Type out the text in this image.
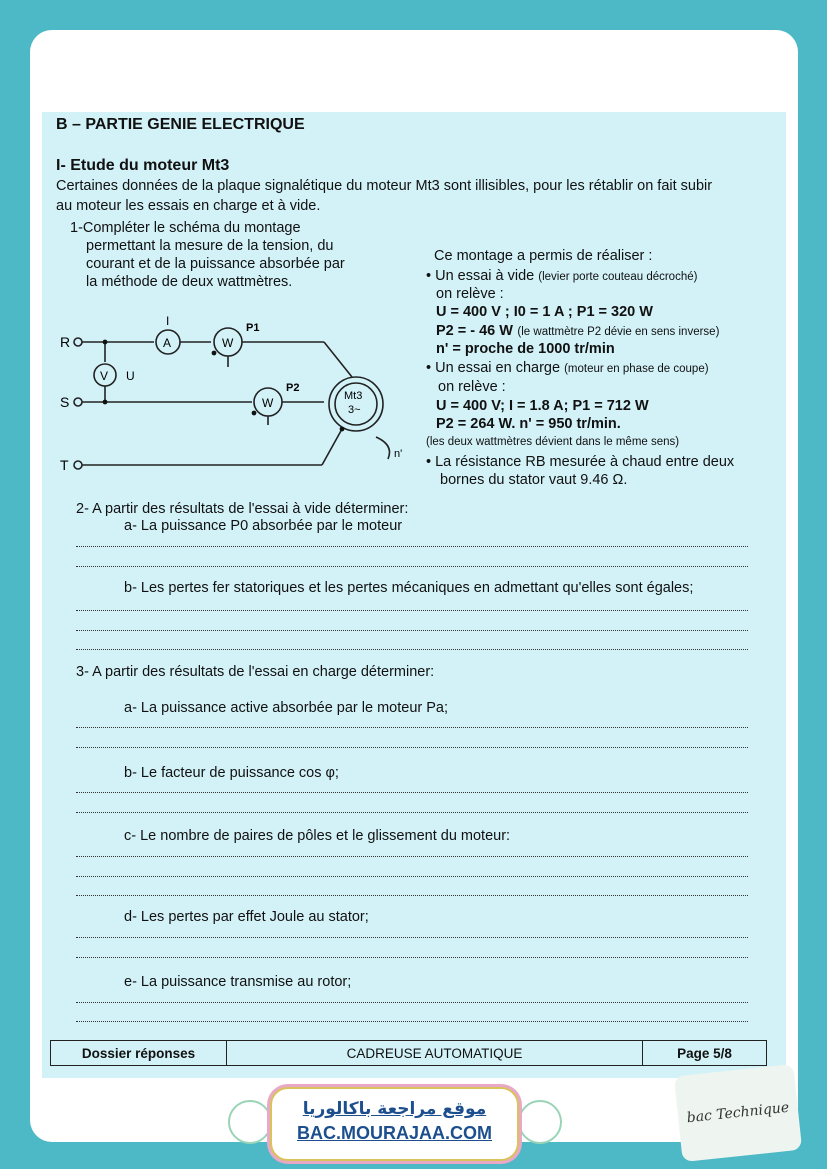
B – PARTIE GENIE ELECTRIQUE
I- Etude du moteur Mt3
Certaines données de la plaque signalétique du moteur Mt3 sont illisibles, pour les rétablir on fait subir
au moteur les essais en charge et à vide.
1-Compléter le schéma du montage
permettant la mesure de la tension, du
courant et de la puissance absorbée par
la méthode de deux wattmètres.
R
S
T
A
I
V U
W
P1
W
P2
Mt3
3~
n'
Ce montage a permis de réaliser :
• Un essai à vide (levier porte couteau décroché)
on relève :
U = 400 V ; I0 = 1 A ; P1 = 320 W
P2 = - 46 W (le wattmètre P2 dévie en sens inverse)
n' = proche de 1000 tr/min
• Un essai en charge (moteur en phase de coupe)
on relève :
U = 400 V; I = 1.8 A; P1 = 712 W
P2 = 264 W. n' = 950 tr/min.
(les deux wattmètres dévient dans le même sens)
• La résistance RB mesurée à chaud entre deux
bornes du stator vaut 9.46 Ω.
2- A partir des résultats de l'essai à vide déterminer:
a- La puissance P0 absorbée par le moteur
b- Les pertes fer statoriques et les pertes mécaniques en admettant qu'elles sont égales;
3- A partir des résultats de l'essai en charge déterminer:
a- La puissance active absorbée par le moteur Pa;
b- Le facteur de puissance cos φ;
c- Le nombre de paires de pôles et le glissement du moteur:
d- Les pertes par effet Joule au stator;
e- La puissance transmise au rotor;
Dossier réponses	CADREUSE AUTOMATIQUE	Page 5/8
موقع مراجعة باكالوريا
BAC.MOURAJAA.COM
bac Technique
